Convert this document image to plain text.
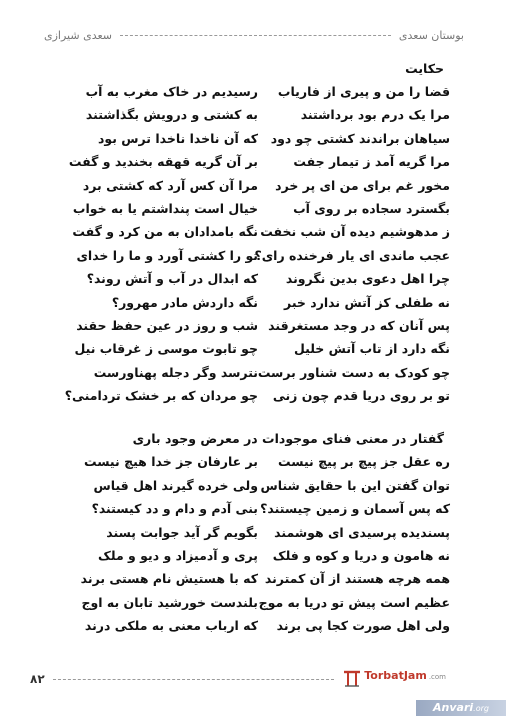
بوستان سعدی
سعدی شیرازی
حکایت
قضا را من و پیری از فاریاب
رسیدیم در خاک مغرب به آب
مرا یک درم بود برداشتند
به کشتی و درویش بگذاشتند
سیاهان براندند کشتی چو دود
که آن ناخدا ناخدا ترس بود
مرا گریه آمد ز تیمار جفت
بر آن گریه قهقه بخندید و گفت
مخور غم برای من ای پر خرد
مرا آن کس آرد که کشتی برد
بگسترد سجاده بر روی آب
خیال است پنداشتم یا به خواب
ز مدهوشیم دیده آن شب نخفت
نگه بامدادان به من کرد و گفت
عجب ماندی ای یار فرخنده رای؟
تو را کشتی آورد و ما را خدای
چرا اهل دعوی بدین نگروند
که ابدال در آب و آتش روند؟
نه طفلی کز آتش ندارد خبر
نگه داردش مادر مهرور؟
پس آنان که در وجد مستغرقند
شب و روز در عین حفظ حقند
نگه دارد از تاب آتش خلیل
چو تابوت موسی ز غرقاب نیل
چو کودک به دست شناور برست
نترسد وگر دجله پهناورست
تو بر روی دریا قدم چون زنی
چو مردان که بر خشک تردامنی؟
گفتار در معنی فنای موجودات در معرض وجود باری
ره عقل جز پیچ بر پیچ نیست
بر عارفان جز خدا هیچ نیست
توان گفتن این با حقایق شناس
ولی خرده گیرند اهل قیاس
که پس آسمان و زمین چیستند؟
بنی آدم و دام و دد کیستند؟
پسندیده پرسیدی ای هوشمند
بگویم گر آید جوابت پسند
نه هامون و دریا و کوه و فلک
پری و آدمیزاد و دیو و ملک
همه هرچه هستند از آن کمترند
که با هستیش نام هستی برند
عظیم است پیش تو دریا به موج
بلندست خورشید تابان به اوج
ولی اهل صورت کجا پی برند
که ارباب معنی به ملکی درند
۸۲	TorbatJam .com
Anvari.org
